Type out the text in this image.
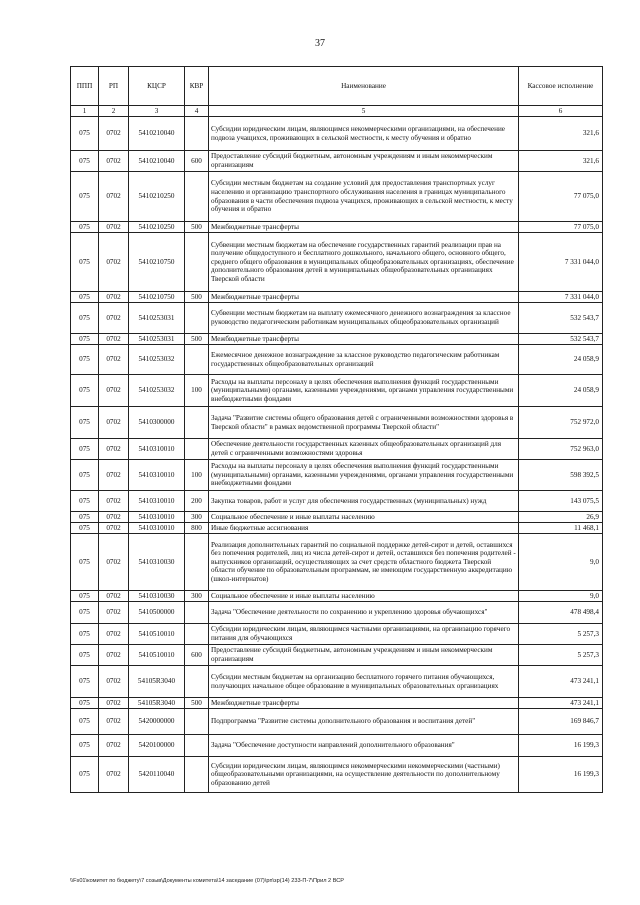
37
ППП	РП	КЦСР	КВР	Наименование	Кассовое исполнение
1	2	3	4	5	6
075	0702	5410210040		Субсидии юридическим лицам, являющимся некоммерческими организациями, на обеспечение подвоза учащихся, проживающих в сельской местности, к месту обучения и обратно	321,6
075	0702	5410210040	600	Предоставление субсидий бюджетным, автономным учреждениям и иным некоммерческим организациям	321,6
075	0702	5410210250		Субсидии местным бюджетам на создание условий для предоставления транспортных услуг населению и организацию транспортного обслуживания населения в границах муниципального образования в части обеспечения подвоза учащихся, проживающих в сельской местности, к месту обучения и обратно	77 075,0
075	0702	5410210250	500	Межбюджетные трансферты	77 075,0
075	0702	5410210750		Субвенции местным бюджетам на обеспечение государственных гарантий реализации прав на получение общедоступного и бесплатного дошкольного, начального общего, основного общего, среднего общего образования в муниципальных общеобразовательных организациях, обеспечение дополнительного образования детей в муниципальных общеобразовательных организациях Тверской области	7 331 044,0
075	0702	5410210750	500	Межбюджетные трансферты	7 331 044,0
075	0702	5410253031		Субвенции местным бюджетам на выплату ежемесячного денежного вознаграждения за классное руководство педагогическим работникам муниципальных общеобразовательных организаций	532 543,7
075	0702	5410253031	500	Межбюджетные трансферты	532 543,7
075	0702	5410253032		Ежемесячное денежное вознаграждение за классное руководство педагогическим работникам государственных общеобразовательных организаций	24 058,9
075	0702	5410253032	100	Расходы на выплаты персоналу в целях обеспечения выполнения функций государственными (муниципальными) органами, казенными учреждениями, органами управления государственными внебюджетными фондами	24 058,9
075	0702	5410300000		Задача "Развитие системы общего образования детей с ограниченными возможностями здоровья в Тверской области" в рамках ведомственной программы Тверской области"	752 972,0
075	0702	5410310010		Обеспечение деятельности государственных казенных общеобразовательных организаций для детей с ограниченными возможностями здоровья	752 963,0
075	0702	5410310010	100	Расходы на выплаты персоналу в целях обеспечения выполнения функций государственными (муниципальными) органами, казенными учреждениями, органами управления государственными внебюджетными фондами	598 392,5
075	0702	5410310010	200	Закупка товаров, работ и услуг для обеспечения государственных (муниципальных) нужд	143 075,5
075	0702	5410310010	300	Социальное обеспечение и иные выплаты населению	26,9
075	0702	5410310010	800	Иные бюджетные ассигнования	11 468,1
075	0702	5410310030		Реализация дополнительных гарантий по социальной поддержке детей-сирот и детей, оставшихся без попечения родителей, лиц из числа детей-сирот и детей, оставшихся без попечения родителей - выпускников организаций, осуществляющих за счет средств областного бюджета Тверской области обучение по образовательным программам, не имеющим государственную аккредитацию (школ-интернатов)	9,0
075	0702	5410310030	300	Социальное обеспечение и иные выплаты населению	9,0
075	0702	5410500000		Задача "Обеспечение деятельности по сохранению и укреплению здоровья обучающихся"	478 498,4
075	0702	5410510010		Субсидии юридическим лицам, являющимся частными организациями, на организацию горячего питания для обучающихся	5 257,3
075	0702	5410510010	600	Предоставление субсидий бюджетным, автономным учреждениям и иным некоммерческим организациям	5 257,3
075	0702	54105R3040		Субсидии местным бюджетам на организацию бесплатного горячего питания обучающихся, получающих начальное общее образование в муниципальных образовательных организациях	473 241,1
075	0702	54105R3040	500	Межбюджетные трансферты	473 241,1
075	0702	5420000000		Подпрограмма "Развитие системы дополнительного образования и воспитания детей"	169 846,7
075	0702	5420100000		Задача "Обеспечение доступности направлений дополнительного образования"	16 199,3
075	0702	5420110040		Субсидии юридическим лицам, являющимся некоммерческими некоммерческими (частными) общеобразовательными организациями, на осуществление деятельности по дополнительному образованию детей	16 199,3
\\Fs01\комитет по бюджету\7 созыв\Документы комитета\14 заседание (07)\рп\зр(14) 233-П-7\Прил 2 ВСР
